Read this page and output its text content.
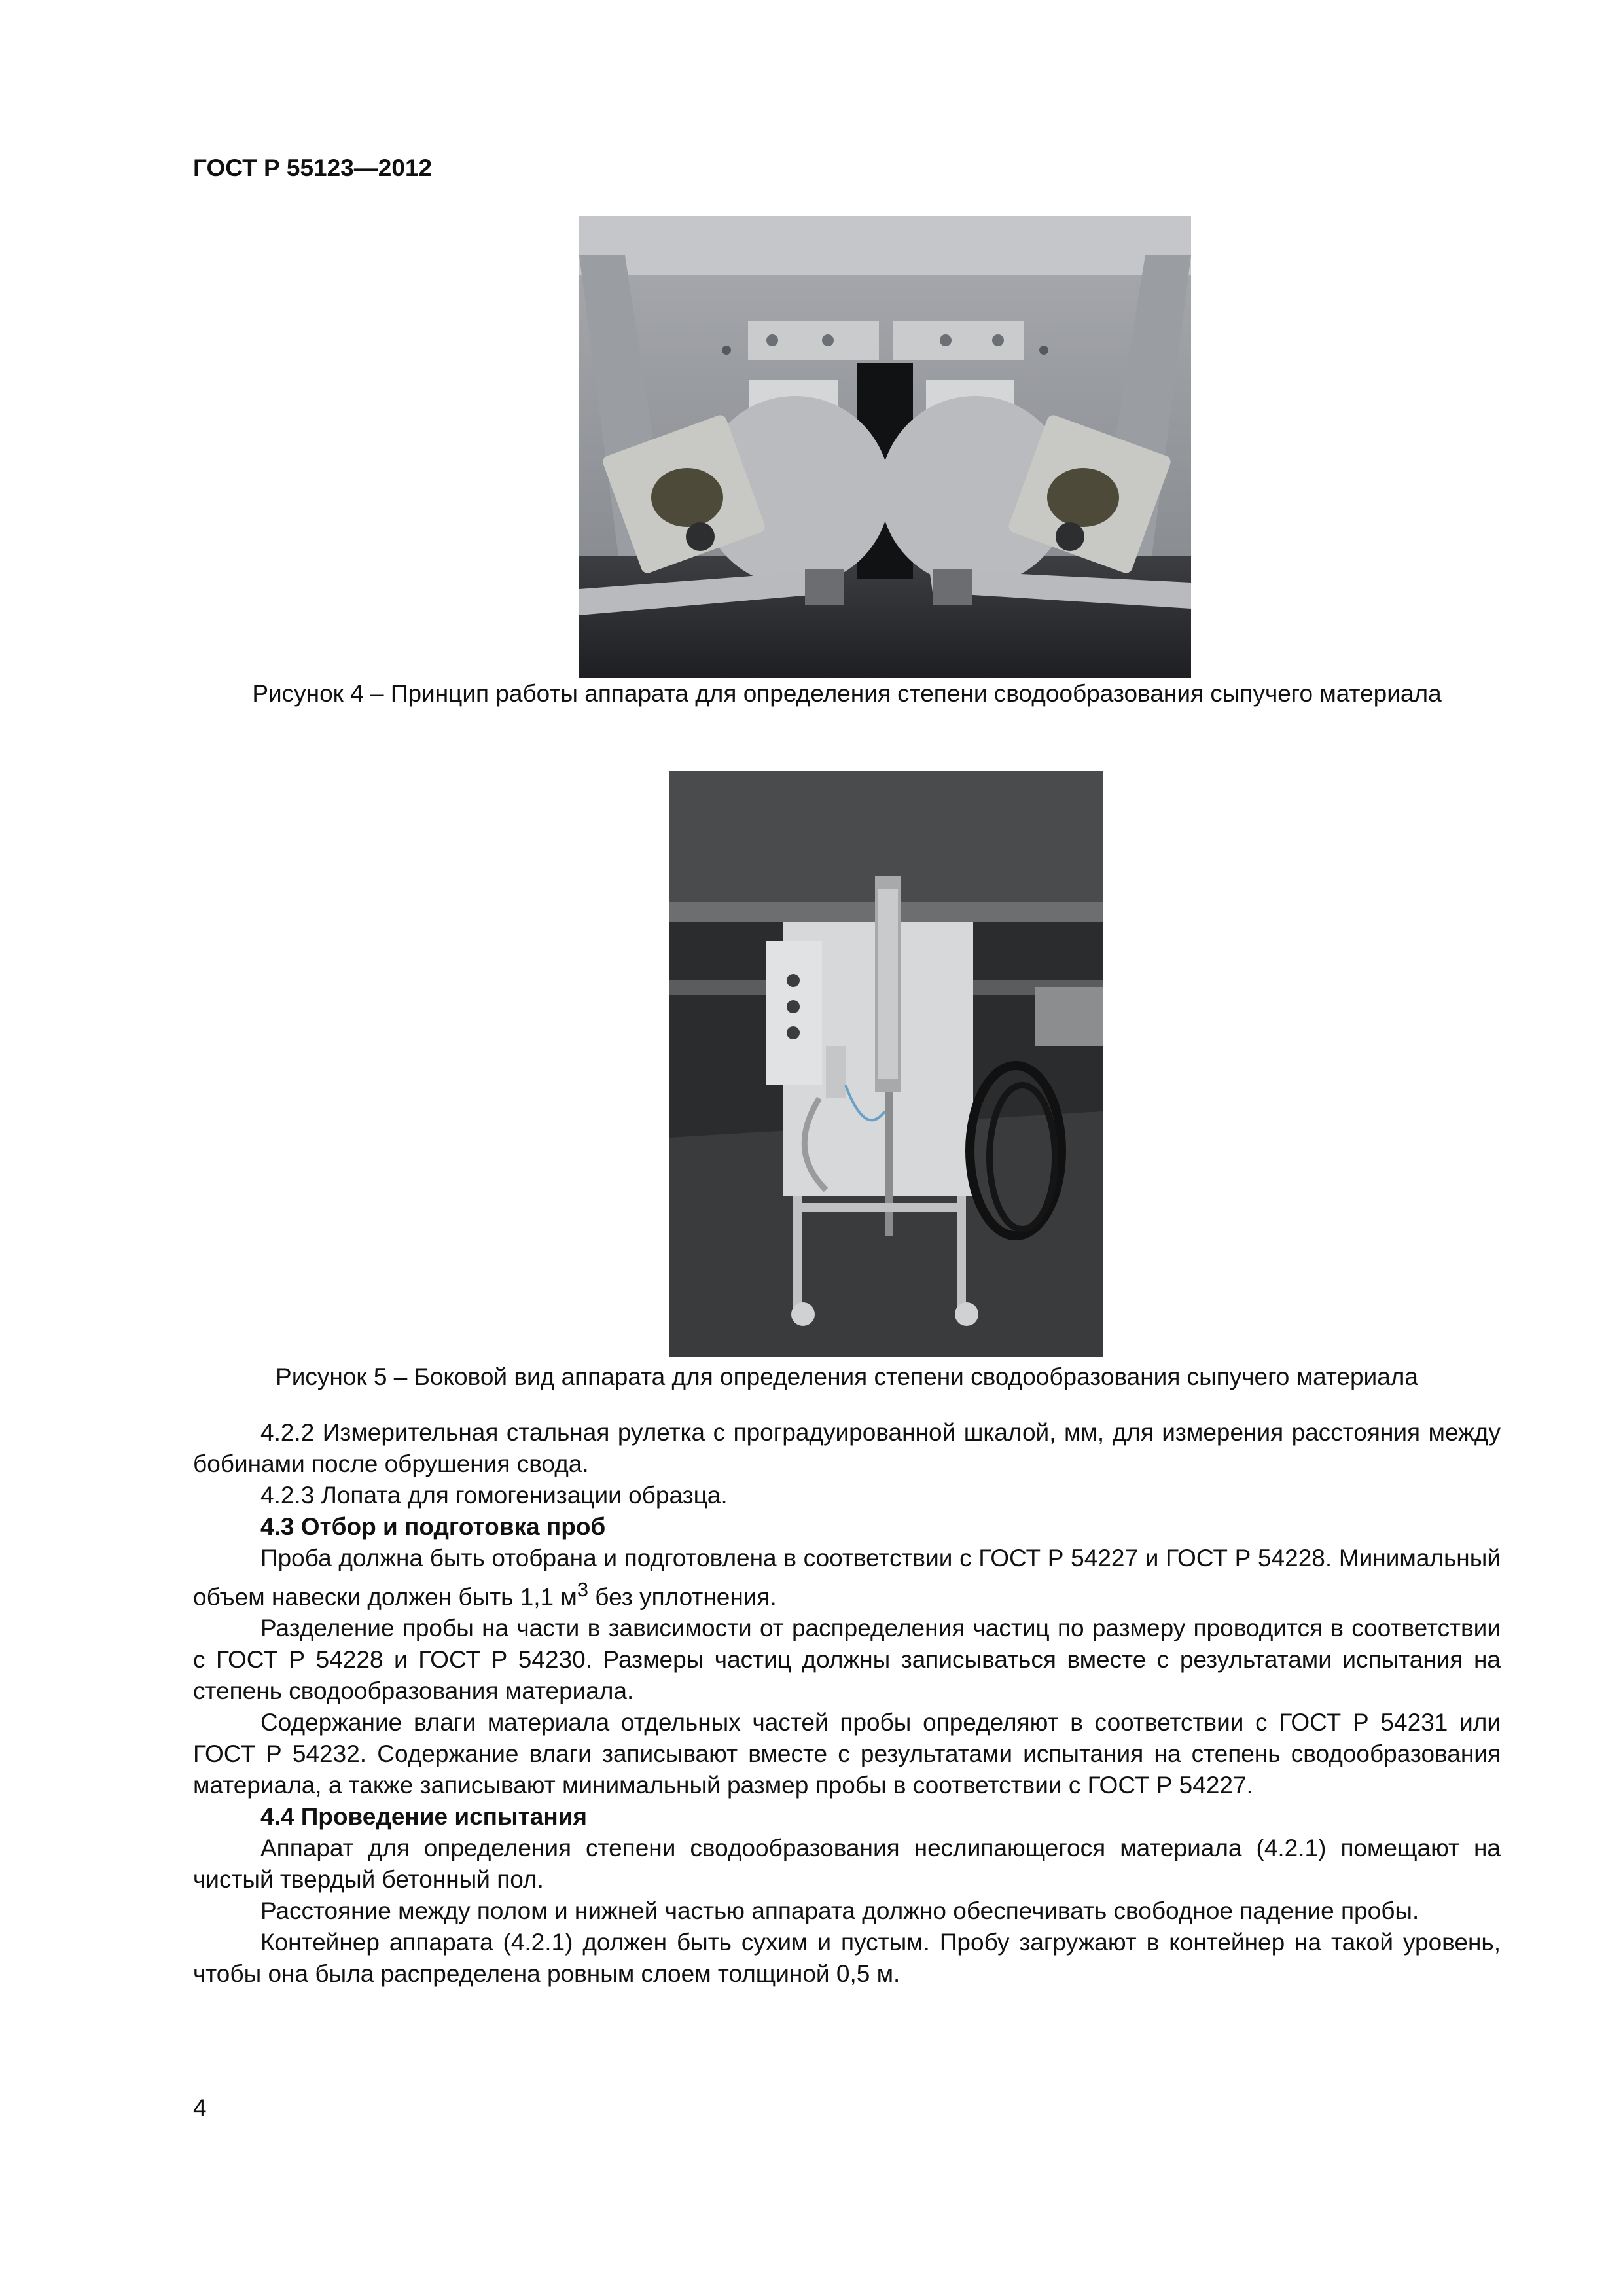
ГОСТ Р 55123—2012
Рисунок 4 – Принцип работы аппарата для определения степени сводообразования сыпучего материала
Рисунок 5 – Боковой вид аппарата для определения степени сводообразования сыпучего материала

4.2.2 Измерительная стальная рулетка с проградуированной шкалой, мм, для измерения расстояния между бобинами после обрушения свода.

4.2.3 Лопата для гомогенизации образца.

4.3 Отбор и подготовка проб

Проба должна быть отобрана и подготовлена в соответствии с ГОСТ Р 54227 и ГОСТ Р 54228. Минимальный объем навески должен быть 1,1 $м^3$ без уплотнения.

Разделение пробы на части в зависимости от распределения частиц по размеру проводится в соответствии с ГОСТ Р 54228 и ГОСТ Р 54230. Размеры частиц должны записываться вместе с результатами испытания на степень сводообразования материала.

Содержание влаги материала отдельных частей пробы определяют в соответствии с ГОСТ Р 54231 или ГОСТ Р 54232. Содержание влаги записывают вместе с результатами испытания на степень сводообразования материала, а также записывают минимальный размер пробы в соответствии с ГОСТ Р 54227.

4.4 Проведение испытания

Аппарат для определения степени сводообразования неслипающегося материала (4.2.1) помещают на чистый твердый бетонный пол.

Расстояние между полом и нижней частью аппарата должно обеспечивать свободное падение пробы.

Контейнер аппарата (4.2.1) должен быть сухим и пустым. Пробу загружают в контейнер на такой уровень, чтобы она была распределена ровным слоем толщиной 0,5 м.

4
